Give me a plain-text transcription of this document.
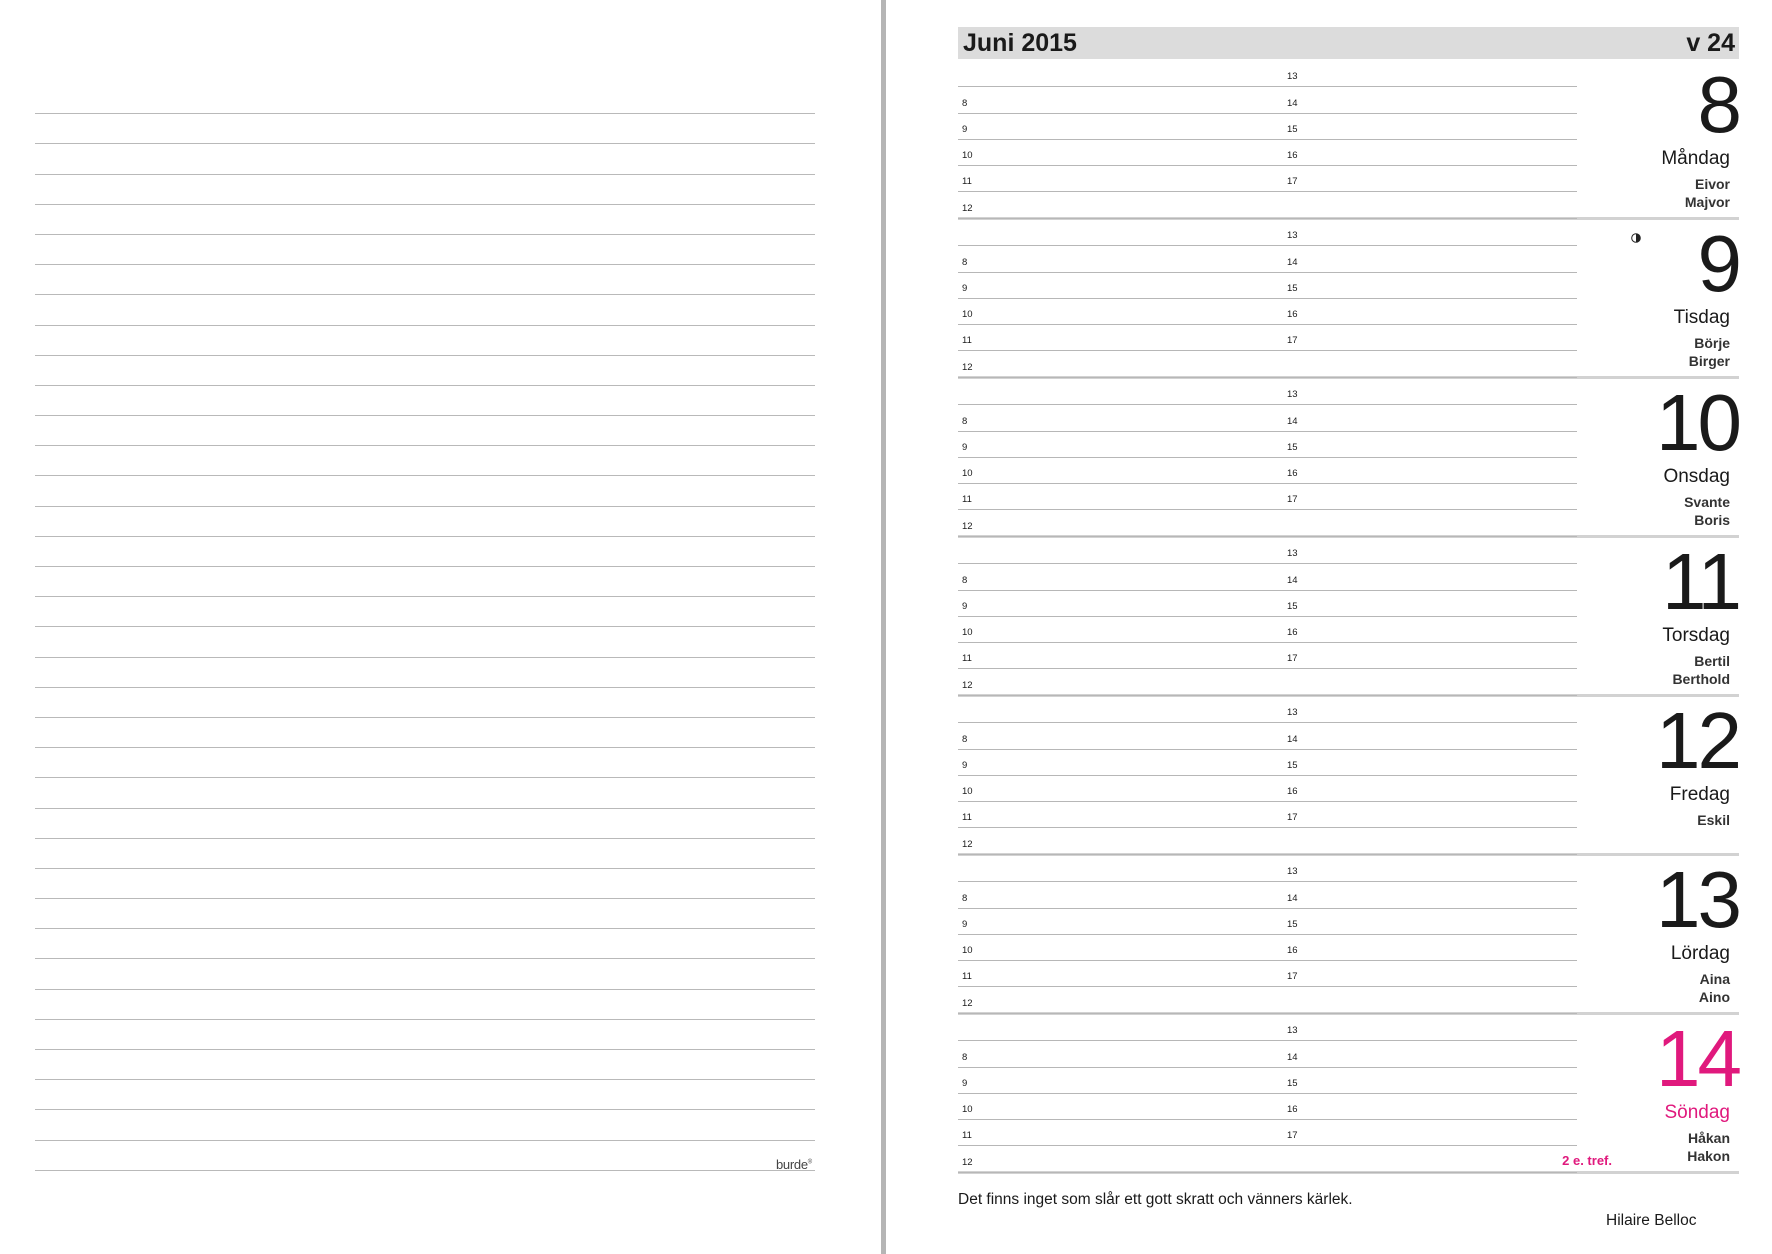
burde®
Juni 2015	v 24
13
8	14
9	15
10	16
11	17
12
8
Måndag
Eivor
Majvor
13
8	14
9	15
10	16
11	17
12
9
Tisdag
Börje
Birger
13
8	14
9	15
10	16
11	17
12
10
Onsdag
Svante
Boris
13
8	14
9	15
10	16
11	17
12
11
Torsdag
Bertil
Berthold
13
8	14
9	15
10	16
11	17
12
12
Fredag
Eskil
13
8	14
9	15
10	16
11	17
12
13
Lördag
Aina
Aino
13
8	14
9	15
10	16
11	17
12
14
Söndag
Håkan
Hakon
2 e. tref.
Det finns inget som slår ett gott skratt och vänners kärlek.
Hilaire Belloc
